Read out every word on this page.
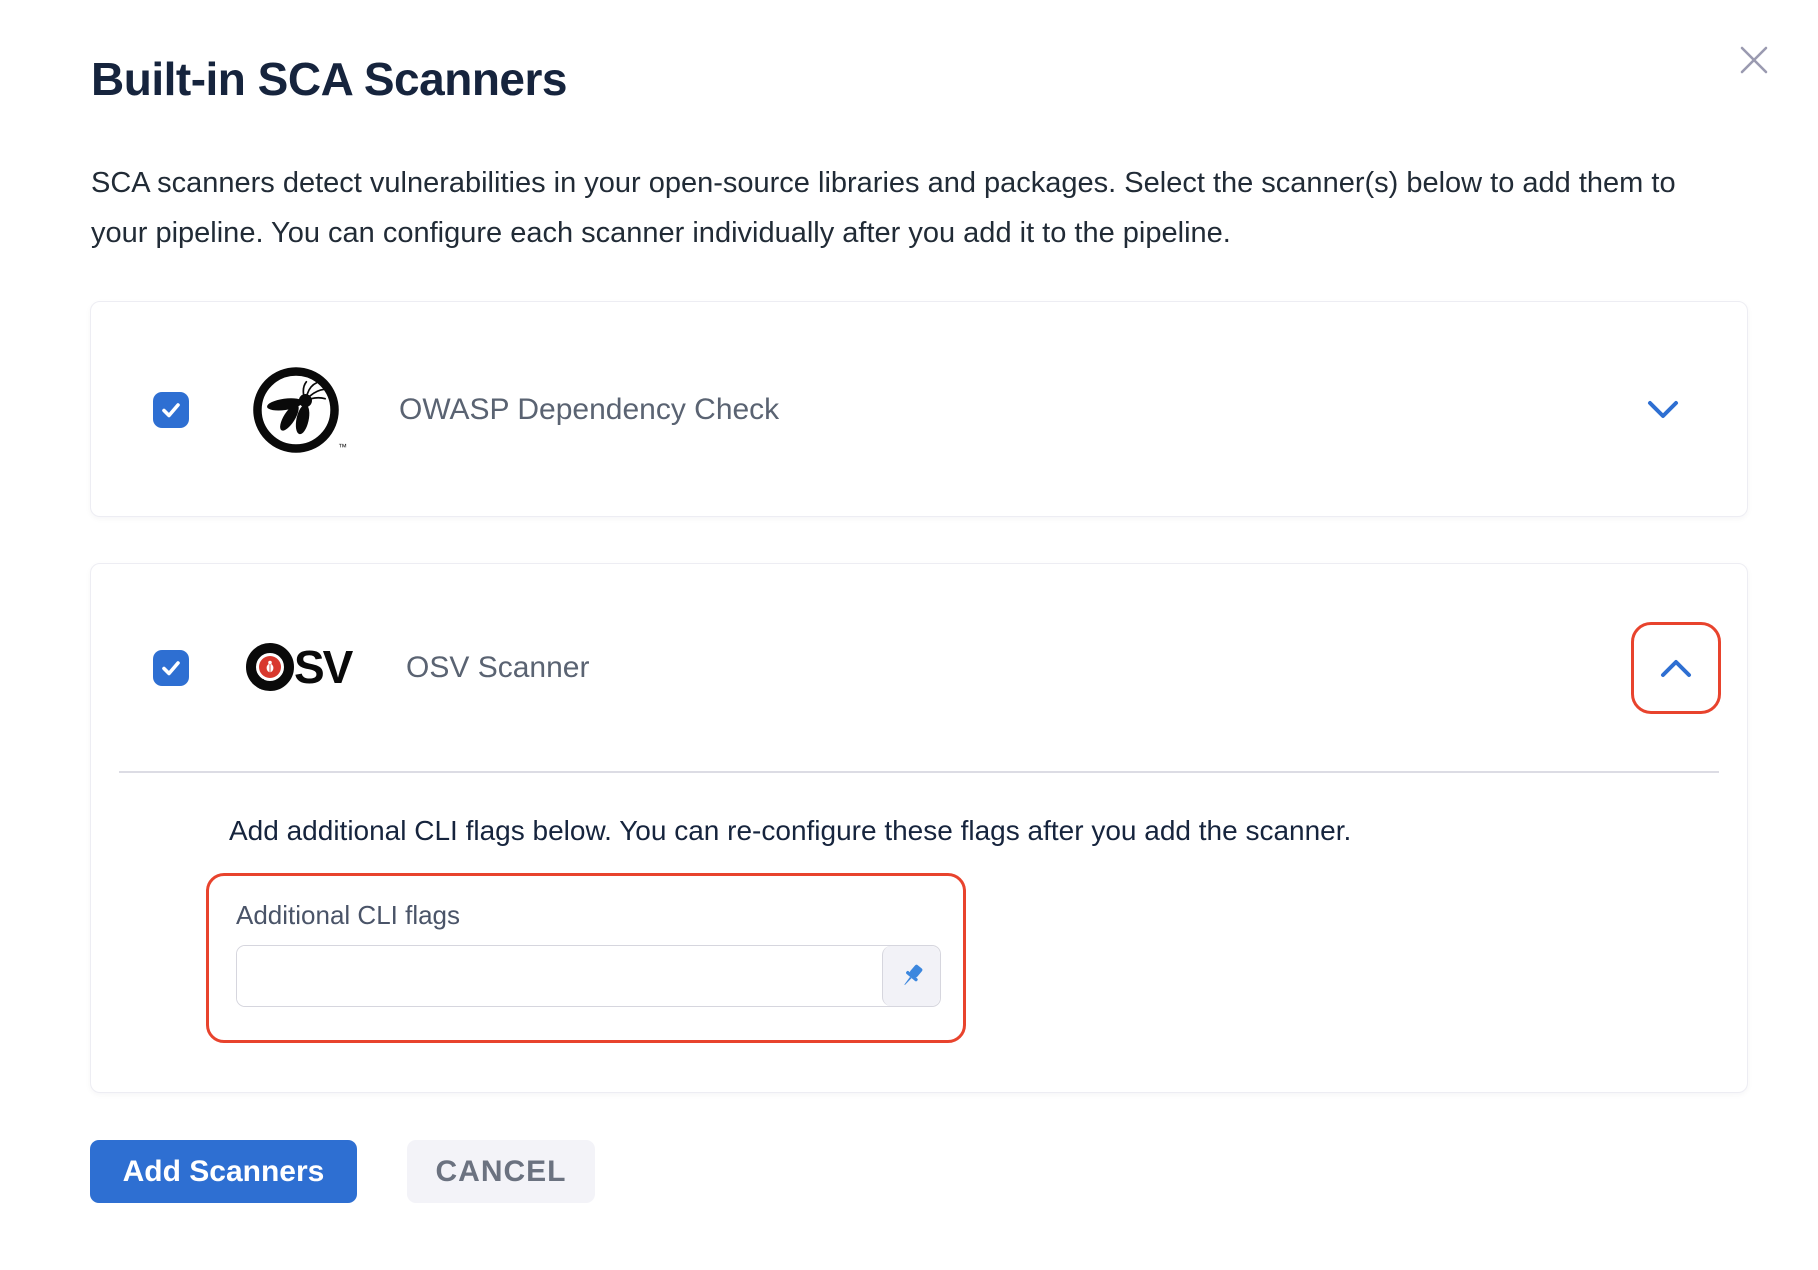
Built-in SCA Scanners

SCA scanners detect vulnerabilities in your open-source libraries and packages. Select the scanner(s) below to add them to your pipeline. You can configure each scanner individually after you add it to the pipeline.

™
OWASP Dependency Check
SV OSV Scanner

Add additional CLI flags below. You can re-configure these flags after you add the scanner.

Additional CLI flags
Add Scanners	CANCEL
